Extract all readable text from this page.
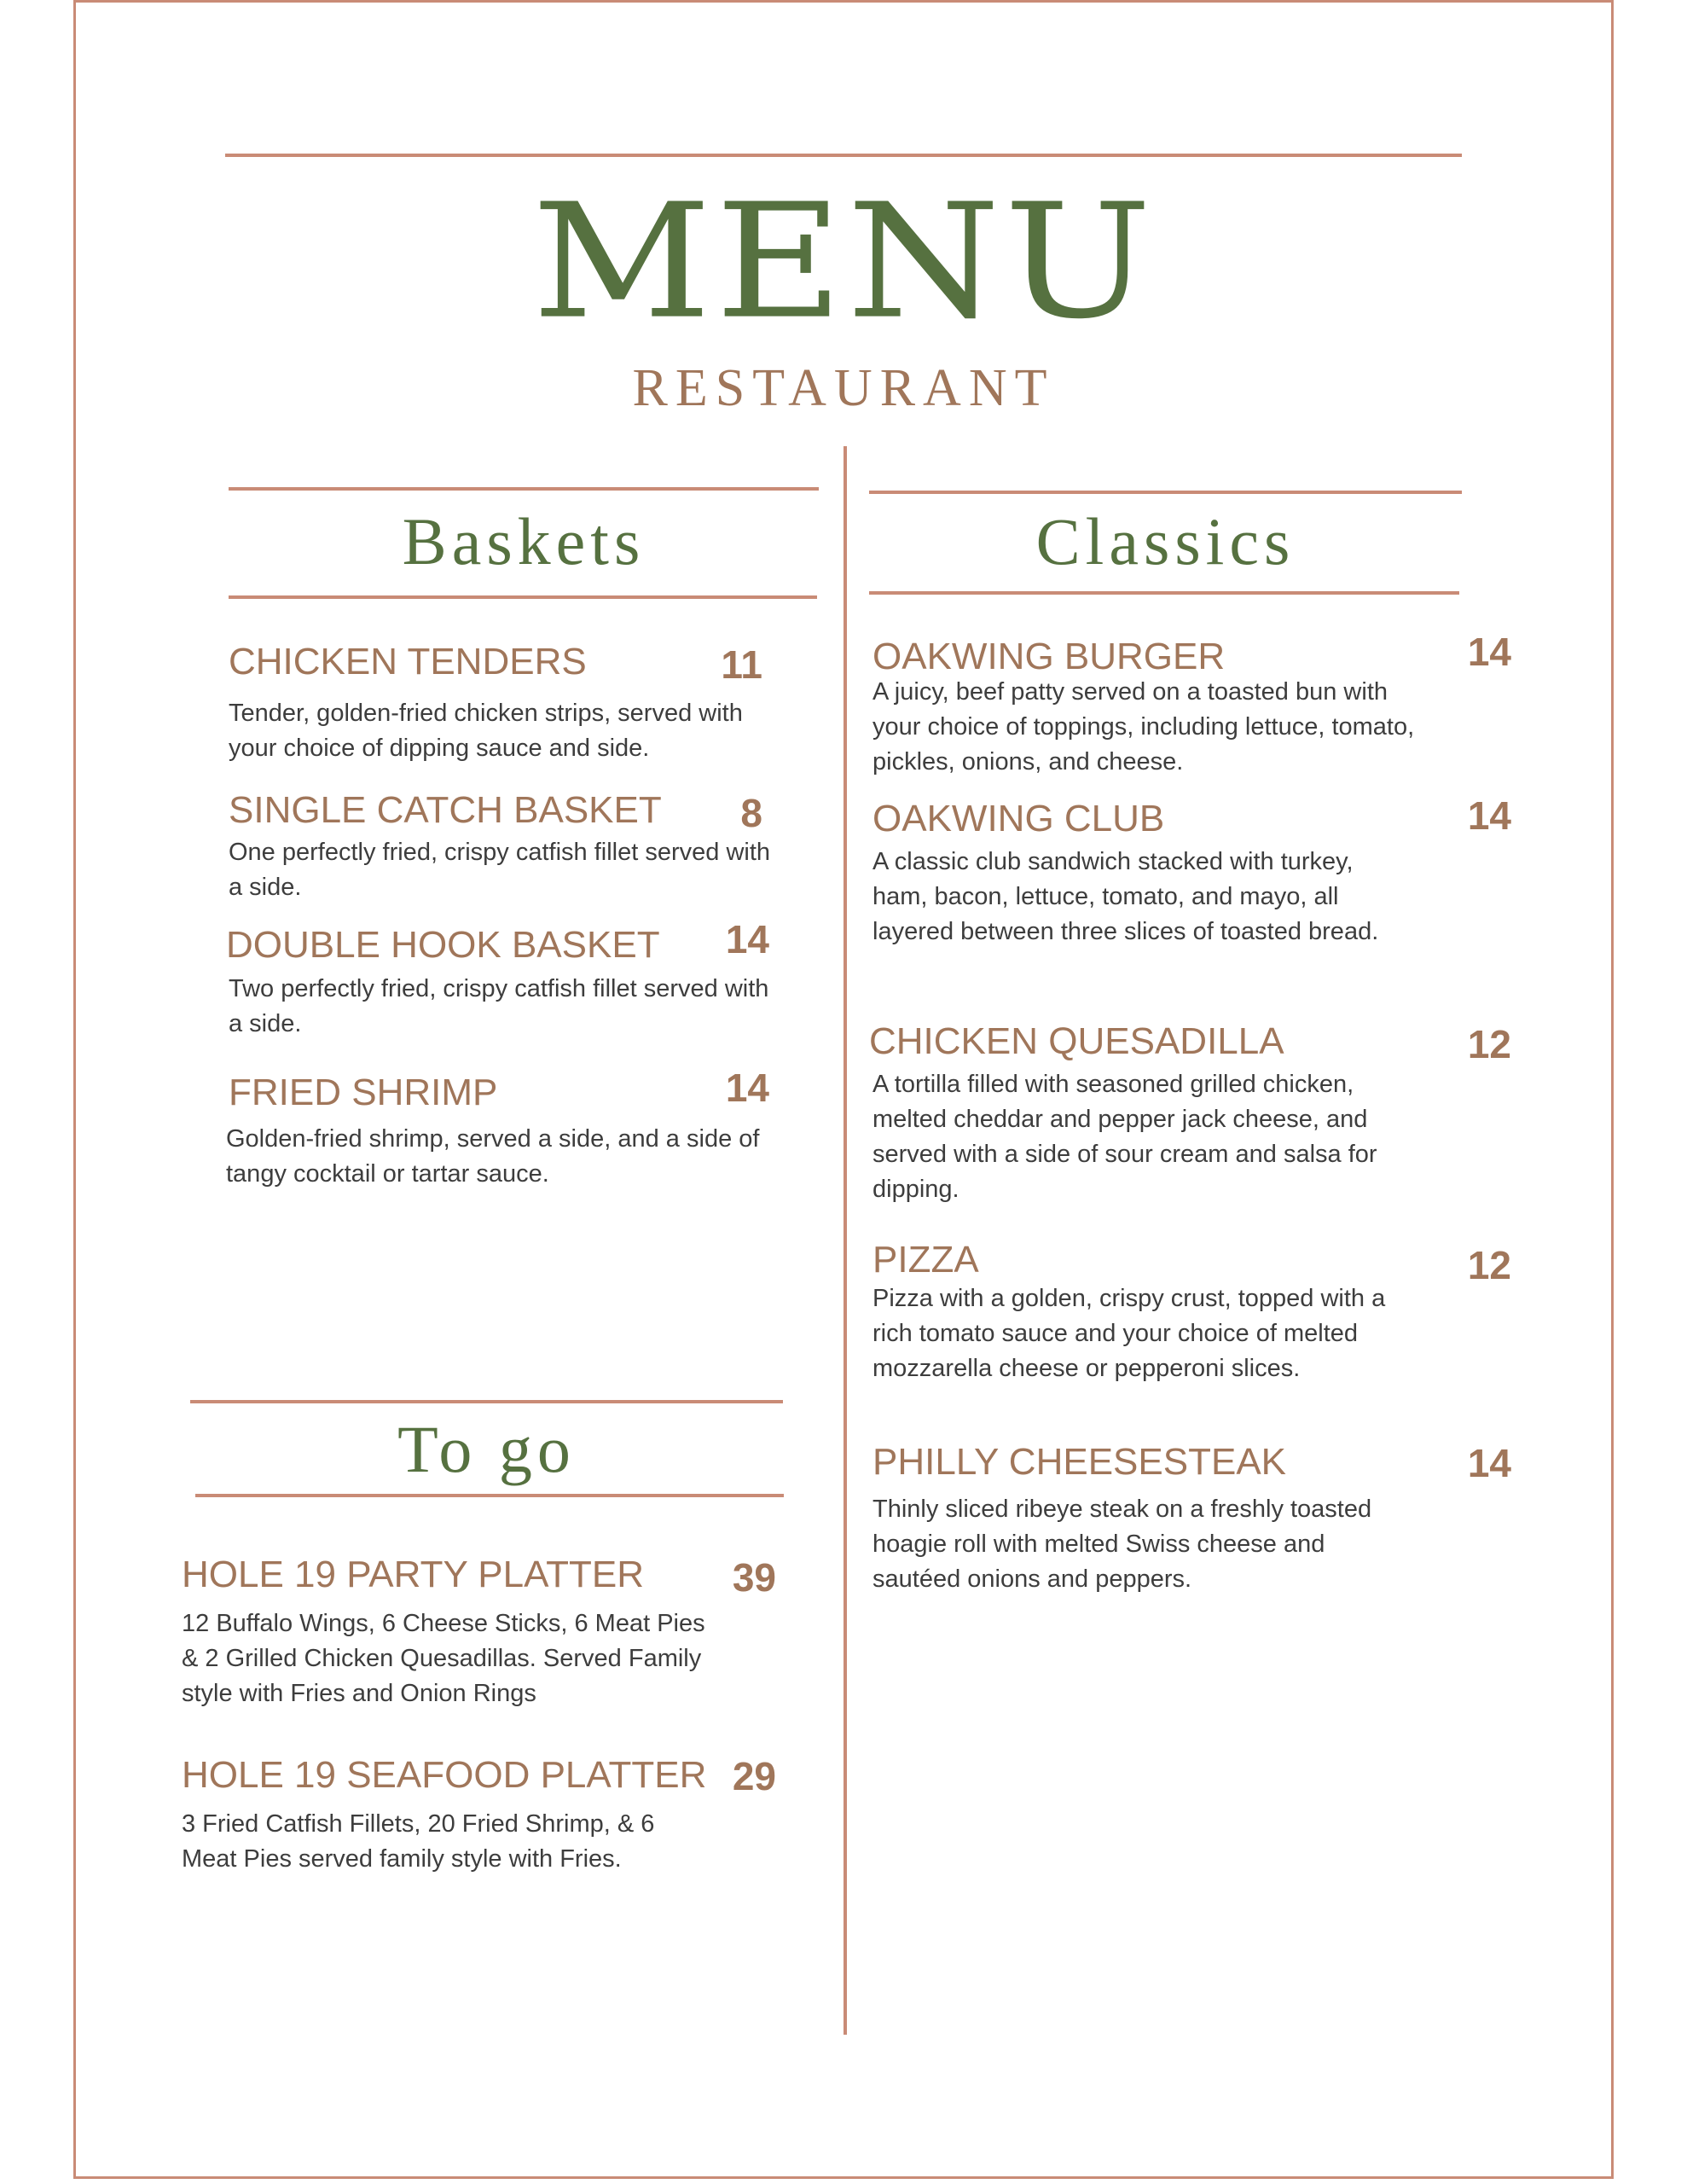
MENU
RESTAURANT
Baskets
CHICKEN TENDERS	11
Tender, golden-fried chicken strips, served with your choice of dipping sauce and side.
SINGLE CATCH BASKET	8
One perfectly fried, crispy catfish fillet served with a side.
DOUBLE HOOK BASKET	14
Two perfectly fried, crispy catfish fillet served with a side.
FRIED SHRIMP	14
Golden-fried shrimp, served a side, and a side of tangy cocktail or tartar sauce.
To go
HOLE 19 PARTY PLATTER	39
12 Buffalo Wings, 6 Cheese Sticks, 6 Meat Pies & 2 Grilled Chicken Quesadillas. Served Family style with Fries and Onion Rings
HOLE 19 SEAFOOD PLATTER 29
3 Fried Catfish Fillets, 20 Fried Shrimp, & 6 Meat Pies served family style with Fries.
Classics
OAKWING BURGER	14
A juicy, beef patty served on a toasted bun with your choice of toppings, including lettuce, tomato, pickles, onions, and cheese.
OAKWING CLUB	14
A classic club sandwich stacked with turkey, ham, bacon, lettuce, tomato, and mayo, all layered between three slices of toasted bread.
CHICKEN QUESADILLA	12
A tortilla filled with seasoned grilled chicken, melted cheddar and pepper jack cheese, and served with a side of sour cream and salsa for dipping.
PIZZA	12
Pizza with a golden, crispy crust, topped with a rich tomato sauce and your choice of melted mozzarella cheese or pepperoni slices.
PHILLY CHEESESTEAK	14
Thinly sliced ribeye steak on a freshly toasted hoagie roll with melted Swiss cheese and sautéed onions and peppers.
